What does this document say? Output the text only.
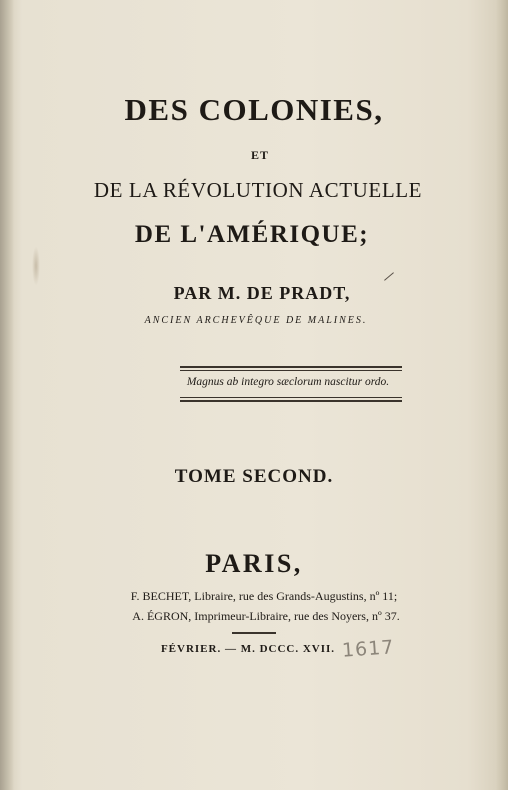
DES COLONIES,
ET
DE LA RÉVOLUTION ACTUELLE
DE L'AMÉRIQUE;
PAR M. DE PRADT,
ANCIEN ARCHEVÊQUE DE MALINES.
Magnus ab integro sæclorum nascitur ordo.
TOME SECOND.
PARIS,
F. BECHET, Libraire, rue des Grands-Augustins, nº 11;
A. ÉGRON, Imprimeur-Libraire, rue des Noyers, nº 37.
FÉVRIER. — M. DCCC. XVII. 1617
